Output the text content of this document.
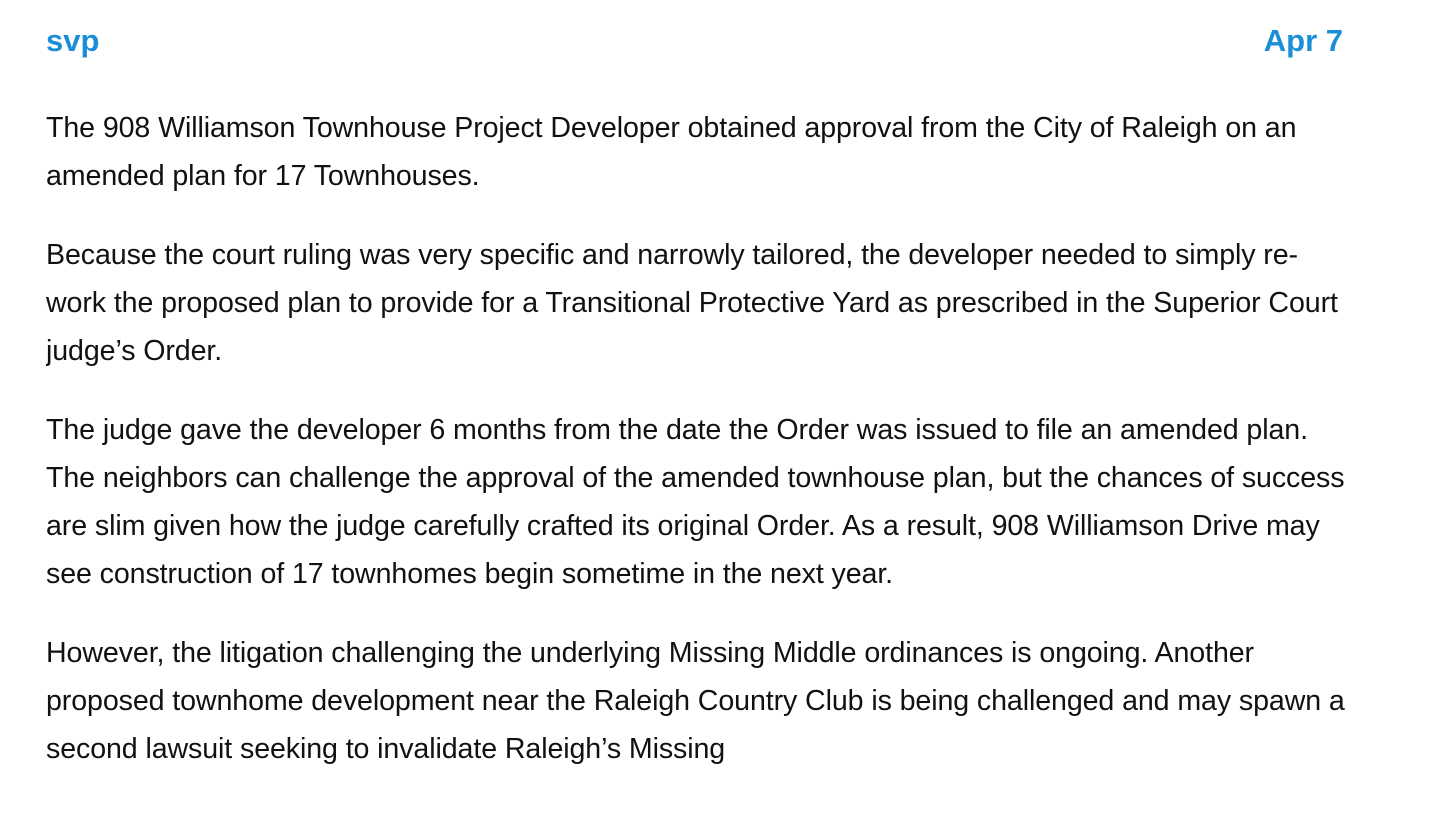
svp	Apr 7

The 908 Williamson Townhouse Project Developer obtained approval from the City of Raleigh on an amended plan for 17 Townhouses.

Because the court ruling was very specific and narrowly tailored, the developer needed to simply re-work the proposed plan to provide for a Transitional Protective Yard as prescribed in the Superior Court judge’s Order.

The judge gave the developer 6 months from the date the Order was issued to file an amended plan. The neighbors can challenge the approval of the amended townhouse plan, but the chances of success are slim given how the judge carefully crafted its original Order. As a result, 908 Williamson Drive may see construction of 17 townhomes begin sometime in the next year.

However, the litigation challenging the underlying Missing Middle ordinances is ongoing. Another proposed townhome development near the Raleigh Country Club is being challenged and may spawn a second lawsuit seeking to invalidate Raleigh’s Missing
